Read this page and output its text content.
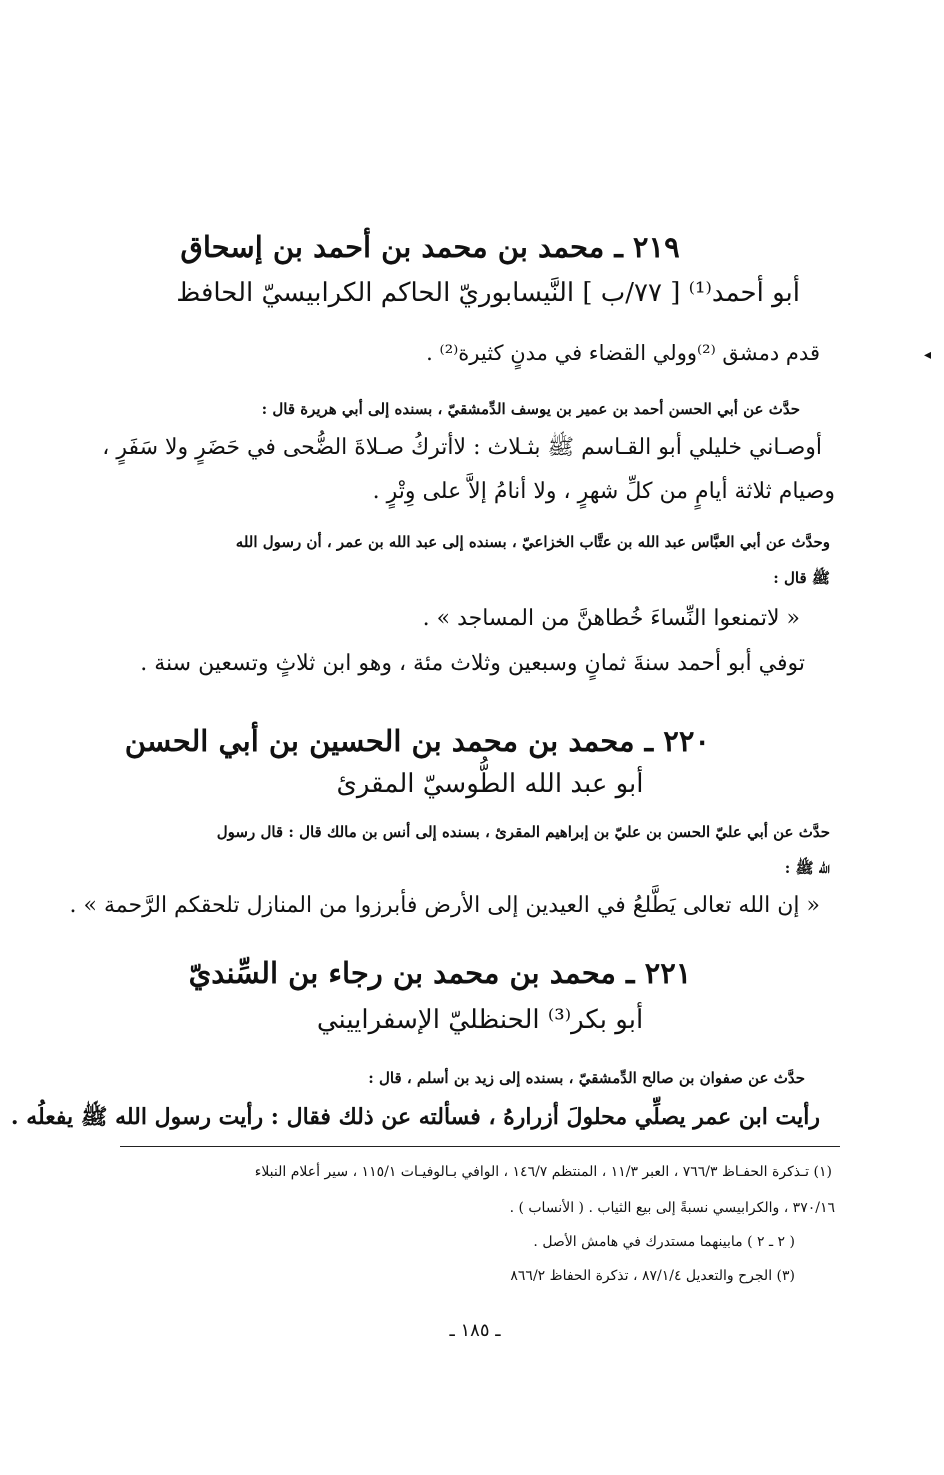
٢١٩ ـ محمد بن محمد بن أحمد بن إسحاق
أبو أحمد⁽¹⁾ [ ٧٧/ب ] النَّيسابوريّ الحاكم الكرابيسيّ الحافظ
قدم دمشق ⁽²⁾وولي القضاء في مدنٍ كثيرة⁽²⁾ .	◂
حدَّث عن أبي الحسن أحمد بن عمير بن يوسف الدِّمشقيّ ، بسنده إلى أبي هريرة قال :
أوصـاني خليلي أبو القـاسم ﷺ بثـلاث : لاأتركُ صـلاةَ الضُّحى في حَضَرٍ ولا سَفَرٍ ،
وصيام ثلاثة أيامٍ من كلِّ شهرٍ ، ولا أنامُ إلاَّ على وِتْرٍ .
وحدَّث عن أبي العبَّاس عبد الله بن عتَّاب الخزاعيّ ، بسنده إلى عبد الله بن عمر ، أن رسول الله
ﷺ قال :
« لاتمنعوا النِّساءَ خُطاهنَّ من المساجد » .
توفي أبو أحمد سنةَ ثمانٍ وسبعين وثلاث مئة ، وهو ابن ثلاثٍ وتسعين سنة .
٢٢٠ ـ محمد بن محمد بن الحسين بن أبي الحسن
أبو عبد الله الطُّوسيّ المقرئ
حدَّث عن أبي عليّ الحسن بن عليّ بن إبراهيم المقرئ ، بسنده إلى أنس بن مالك قال : قال رسول
الله ﷺ :
« إن الله تعالى يَطَّلعُ في العيدين إلى الأرض فأبرزوا من المنازل تلحقكم الرَّحمة » .
٢٢١ ـ محمد بن محمد بن رجاء بن السِّنديّ
أبو بكر⁽³⁾ الحنظليّ الإسفراييني
حدَّث عن صفوان بن صالح الدِّمشقيّ ، بسنده إلى زيد بن أسلم ، قال :
رأيت ابن عمر يصلِّي محلولَ أزرارهُ ، فسألته عن ذلك فقال : رأيت رسول الله ﷺ يفعلُه .
(١) تـذكرة الحفـاظ ٧٦٦/٣ ، العبر ١١/٣ ، المنتظم ١٤٦/٧ ، الوافي بـالوفيـات ١١٥/١ ، سير أعلام النبلاء
٣٧٠/١٦ ، والكرابيسي نسبةً إلى بيع الثياب . ( الأنساب ) .
( ٢ ـ ٢ ) مابينهما مستدرك في هامش الأصل .
(٣) الجرح والتعديل ٨٧/١/٤ ، تذكرة الحفاظ ٨٦٦/٢
ـ ١٨٥ ـ
